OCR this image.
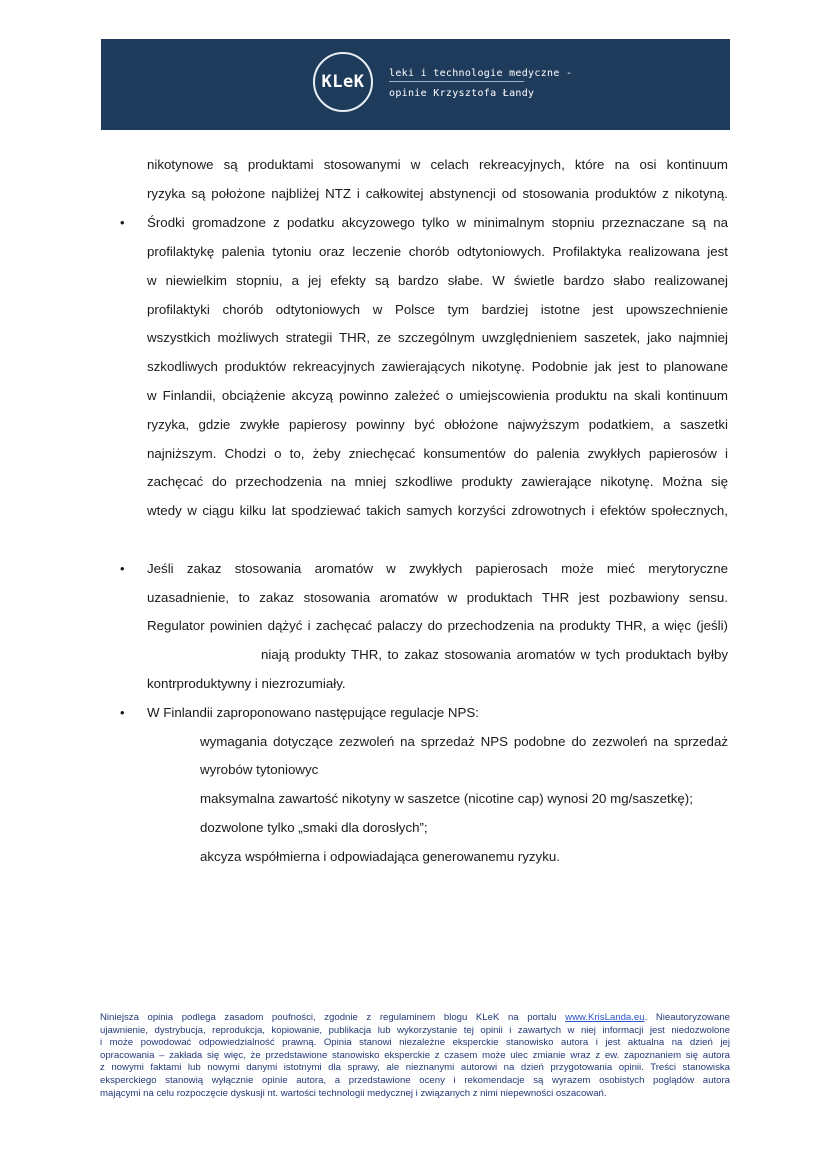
KLeK leki i technologie medyczne -
opinie Krzysztofa Łandy
nikotynowe są produktami stosowanymi w celach rekreacyjnych, które na osi kontinuum
ryzyka są położone najbliżej NTZ i całkowitej abstynencji od stosowania produktów z nikotyną.
• Środki gromadzone z podatku akcyzowego tylko w minimalnym stopniu przeznaczane są na
profilaktykę palenia tytoniu oraz leczenie chorób odtytoniowych. Profilaktyka realizowana jest
w niewielkim stopniu, a jej efekty są bardzo słabe. W świetle bardzo słabo realizowanej
profilaktyki chorób odtytoniowych w Polsce tym bardziej istotne jest upowszechnienie
wszystkich możliwych strategii THR, ze szczególnym uwzględnieniem saszetek, jako najmniej
szkodliwych produktów rekreacyjnych zawierających nikotynę. Podobnie jak jest to planowane
w Finlandii, obciążenie akcyzą powinno zależeć o umiejscowienia produktu na skali kontinuum
ryzyka, gdzie zwykłe papierosy powinny być obłożone najwyższym podatkiem, a saszetki
najniższym. Chodzi o to, żeby zniechęcać konsumentów do palenia zwykłych papierosów i
zachęcać do przechodzenia na mniej szkodliwe produkty zawierające nikotynę. Można się
wtedy w ciągu kilku lat spodziewać takich samych korzyści zdrowotnych i efektów społecznych,
• Jeśli zakaz stosowania aromatów w zwykłych papierosach może mieć merytoryczne
uzasadnienie, to zakaz stosowania aromatów w produktach THR jest pozbawiony sensu.
Regulator powinien dążyć i zachęcać palaczy do przechodzenia na produkty THR, a więc (jeśli)
niają produkty THR, to zakaz stosowania aromatów w tych produktach byłby
kontrproduktywny i niezrozumiały.
• W Finlandii zaproponowano następujące regulacje NPS:
wymagania dotyczące zezwoleń na sprzedaż NPS podobne do zezwoleń na sprzedaż
wyrobów tytoniowyc
maksymalna zawartość nikotyny w saszetce (nicotine cap) wynosi 20 mg/saszetkę);
dozwolone tylko „smaki dla dorosłych”;
akcyza współmierna i odpowiadająca generowanemu ryzyku.
Niniejsza opinia podlega zasadom poufności, zgodnie z regulaminem blogu KLeK na portalu www.KrisLanda.eu. Nieautoryzowane
ujawnienie, dystrybucja, reprodukcja, kopiowanie, publikacja lub wykorzystanie tej opinii i zawartych w niej informacji jest niedozwolone
i może powodować odpowiedzialność prawną. Opinia stanowi niezależne eksperckie stanowisko autora i jest aktualna na dzień jej
opracowania – zakłada się więc, że przedstawione stanowisko eksperckie z czasem może ulec zmianie wraz z ew. zapoznaniem się autora
z nowymi faktami lub nowymi danymi istotnymi dla sprawy, ale nieznanymi autorowi na dzień przygotowania opinii. Treści stanowiska
eksperckiego stanowią wyłącznie opinie autora, a przedstawione oceny i rekomendacje są wyrazem osobistych poglądów autora
mającymi na celu rozpoczęcie dyskusji nt. wartości technologii medycznej i związanych z nimi niepewności oszacowań.
